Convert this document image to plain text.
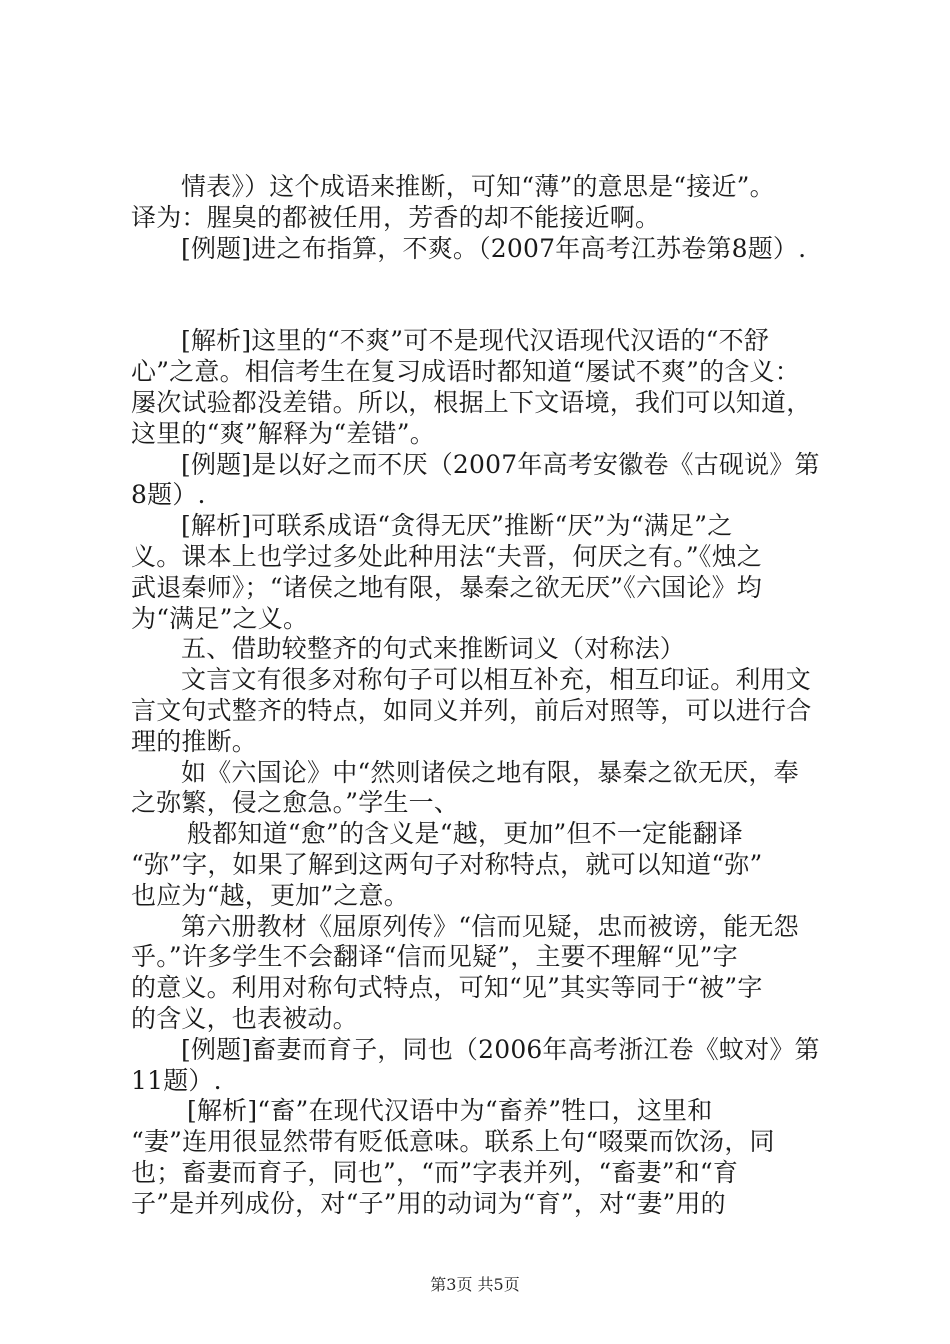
情表》）这个成语来推断，可知“薄”的意思是“接近”。
译为：腥臭的都被任用，芳香的却不能接近啊。
[例题]进之布指算，不爽。（2007年高考江苏卷第8题）.
[解析]这里的“不爽”可不是现代汉语现代汉语的“不舒
心”之意。相信考生在复习成语时都知道“屡试不爽”的含义：
屡次试验都没差错。所以，根据上下文语境，我们可以知道，
这里的“爽”解释为“差错”。
[例题]是以好之而不厌（2007年高考安徽卷《古砚说》第
8题）.
[解析]可联系成语“贪得无厌”推断“厌”为“满足”之
义。课本上也学过多处此种用法“夫晋，何厌之有。”《烛之
武退秦师》；“诸侯之地有限，暴秦之欲无厌”《六国论》均
为“满足”之义。
五、借助较整齐的句式来推断词义（对称法）
文言文有很多对称句子可以相互补充，相互印证。利用文
言文句式整齐的特点，如同义并列，前后对照等，可以进行合
理的推断。
如《六国论》中“然则诸侯之地有限，暴秦之欲无厌，奉
之弥繁，侵之愈急。”学生一、
般都知道“愈”的含义是“越，更加”但不一定能翻译
“弥”字，如果了解到这两句子对称特点，就可以知道“弥”
也应为“越，更加”之意。
第六册教材《屈原列传》“信而见疑，忠而被谤，能无怨
乎。”许多学生不会翻译“信而见疑”，主要不理解“见”字
的意义。利用对称句式特点，可知“见”其实等同于“被”字
的含义，也表被动。
[例题]畜妻而育子，同也（2006年高考浙江卷《蚊对》第
11题）.
[解析]“畜”在现代汉语中为“畜养”牲口，这里和
“妻”连用很显然带有贬低意味。联系上句“啜粟而饮汤，同
也；畜妻而育子，同也”，“而”字表并列，“畜妻”和“育
子”是并列成份，对“子”用的动词为“育”，对“妻”用的
第3页 共5页
